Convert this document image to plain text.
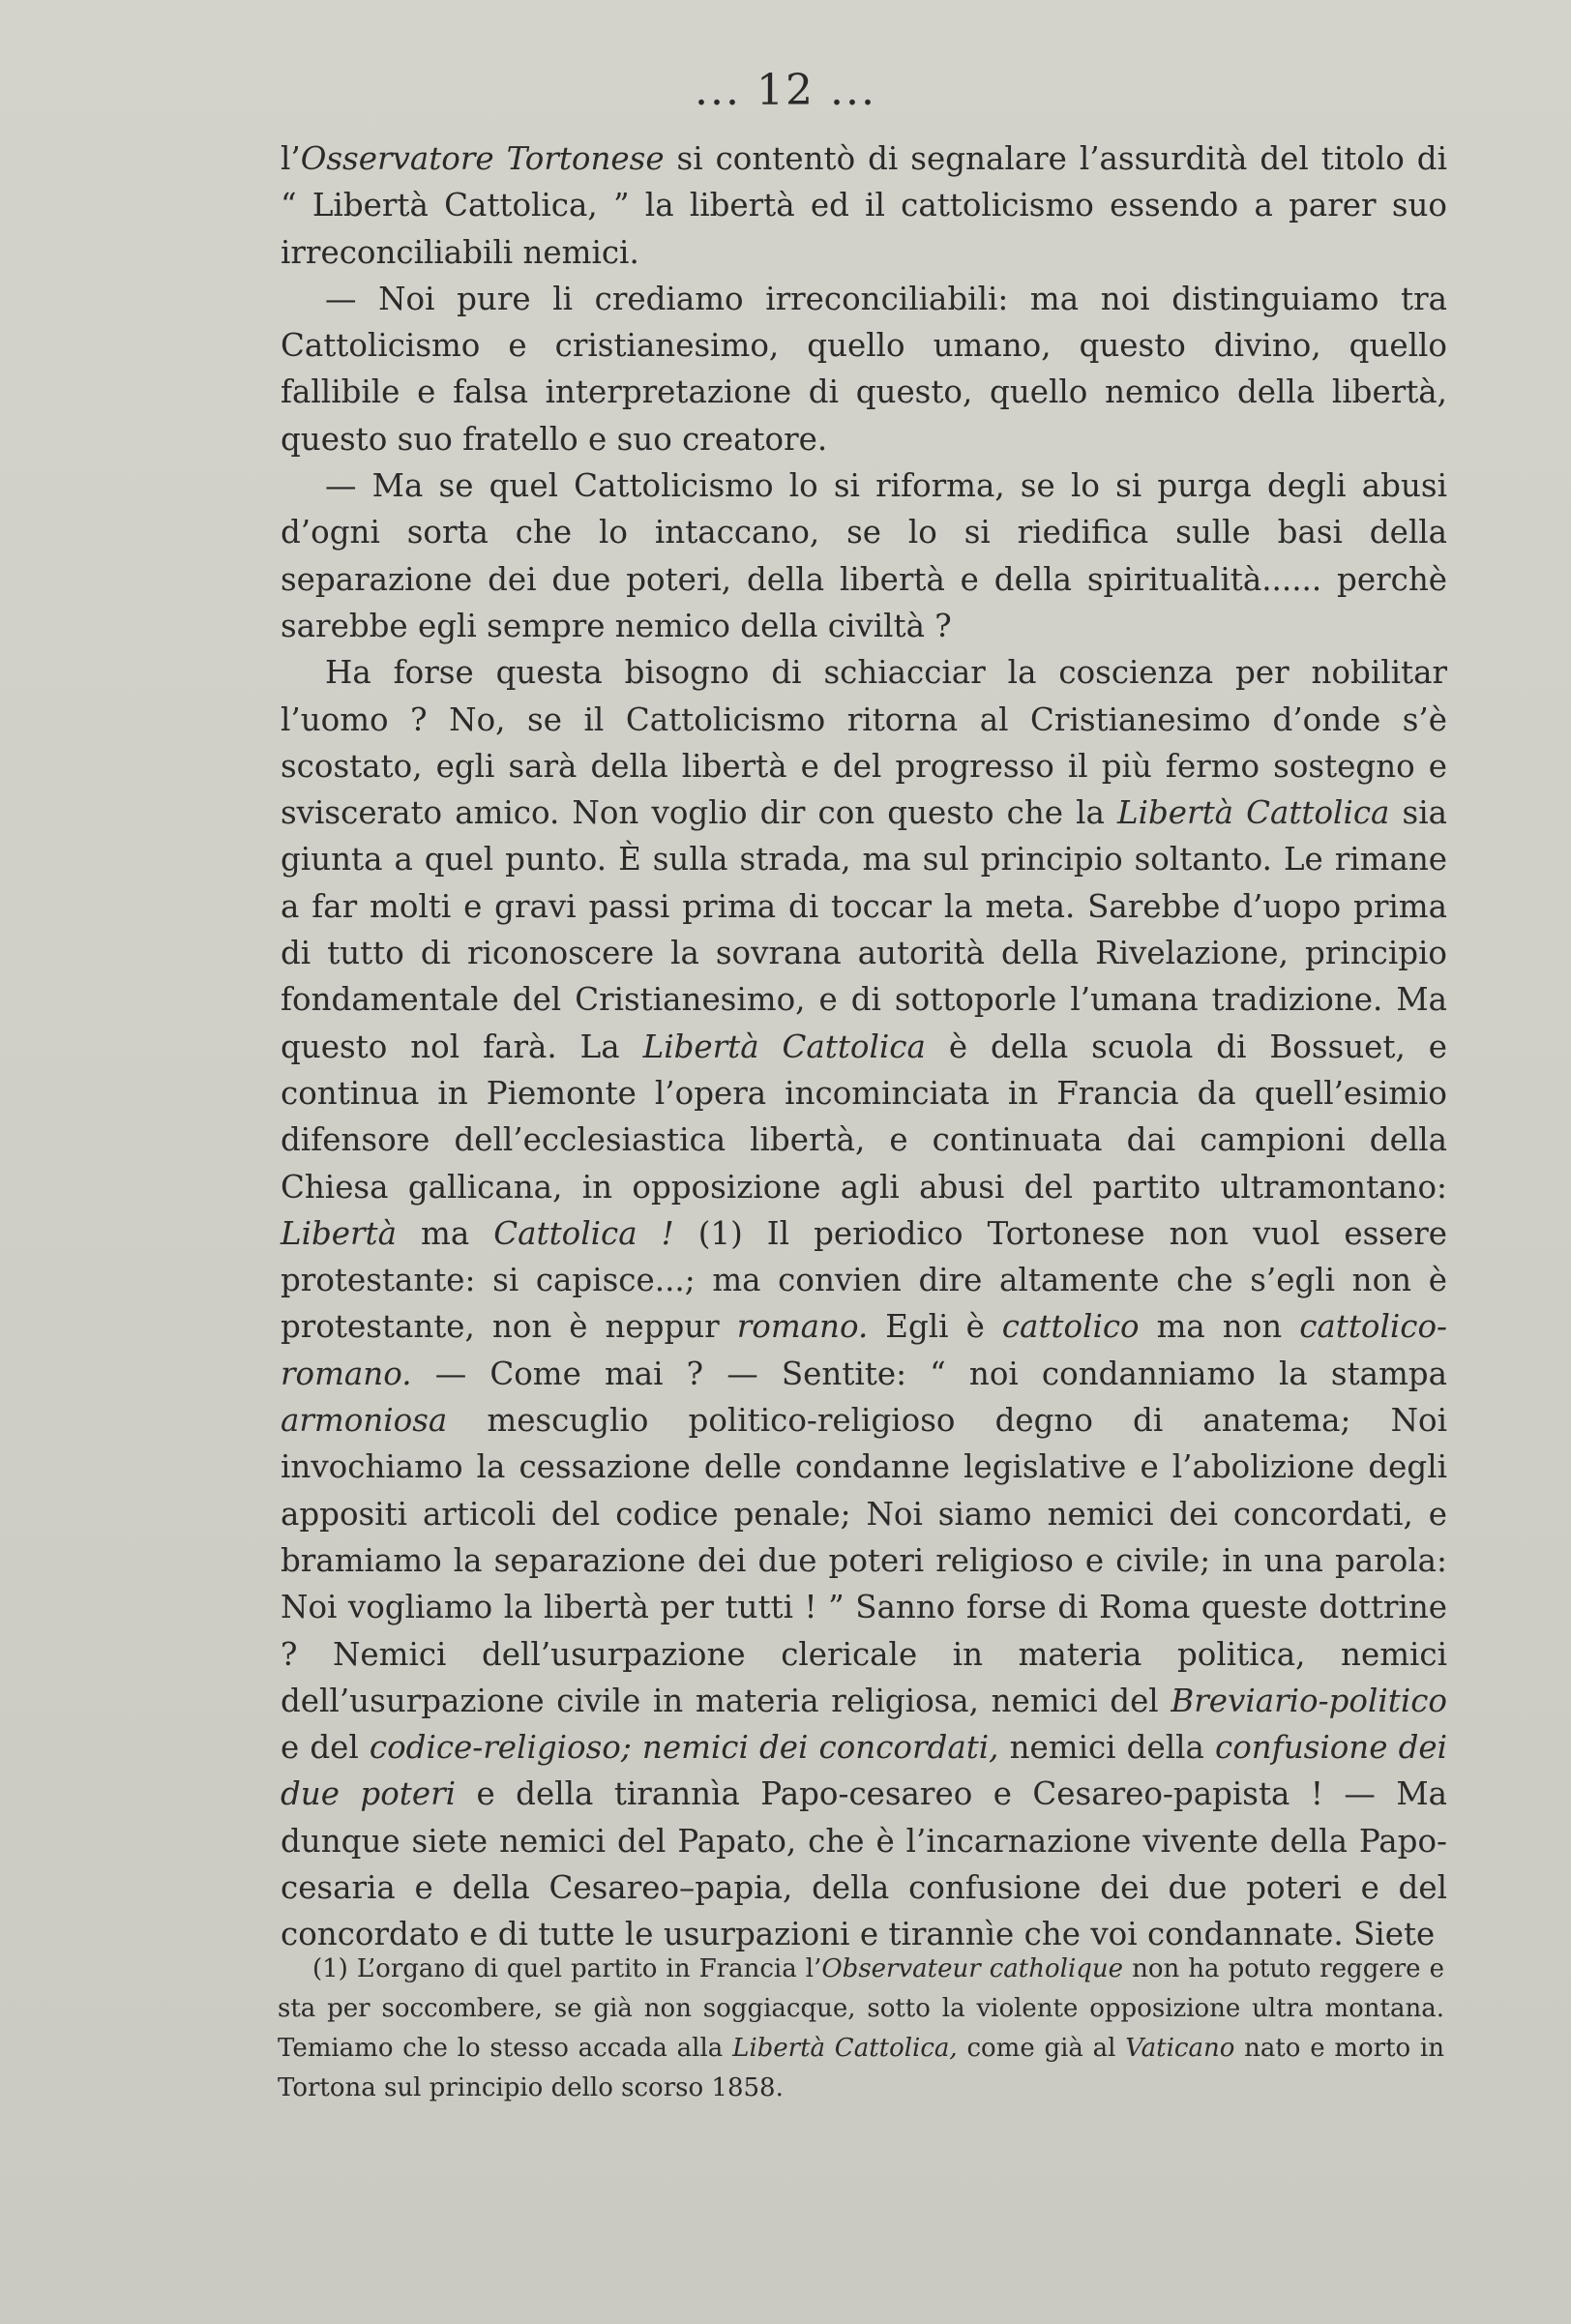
... 12 ...

l’Osservatore Tortonese si contentò di segnalare l’assurdità del titolo di “ Libertà Cattolica, ” la libertà ed il cattolicismo essendo a parer suo irreconciliabili nemici.

— Noi pure li crediamo irreconciliabili: ma noi distinguiamo tra Cattolicismo e cristianesimo, quello umano, questo divino, quello fallibile e falsa interpretazione di questo, quello nemico della libertà, questo suo fratello e suo creatore.

— Ma se quel Cattolicismo lo si riforma, se lo si purga degli abusi d’ogni sorta che lo intaccano, se lo si riedifica sulle basi della separazione dei due poteri, della libertà e della spiritualità...... perchè sarebbe egli sempre nemico della civiltà ?

Ha forse questa bisogno di schiacciar la coscienza per nobilitar l’uomo ? No, se il Cattolicismo ritorna al Cristianesimo d’onde s’è scostato, egli sarà della libertà e del progresso il più fermo sostegno e sviscerato amico. Non voglio dir con questo che la Libertà Cattolica sia giunta a quel punto. È sulla strada, ma sul principio soltanto. Le rimane a far molti e gravi passi prima di toccar la meta. Sarebbe d’uopo prima di tutto di riconoscere la sovrana autorità della Rivelazione, principio fondamentale del Cristianesimo, e di sottoporle l’umana tradizione. Ma questo nol farà. La Libertà Cattolica è della scuola di Bossuet, e continua in Piemonte l’opera incominciata in Francia da quell’esimio difensore dell’ecclesiastica libertà, e continuata dai campioni della Chiesa gallicana, in opposizione agli abusi del partito ultramontano: Libertà ma Cattolica ! (1) Il periodico Tortonese non vuol essere protestante: si capisce...; ma convien dire altamente che s’egli non è protestante, non è neppur romano. Egli è cattolico ma non cattolico-romano. — Come mai ? — Sentite: “ noi condanniamo la stampa armoniosa mescuglio politico-religioso degno di anatema; Noi invochiamo la cessazione delle condanne legislative e l’abolizione degli appositi articoli del codice penale; Noi siamo nemici dei concordati, e bramiamo la separazione dei due poteri religioso e civile; in una parola: Noi vogliamo la libertà per tutti ! ” Sanno forse di Roma queste dottrine ? Nemici dell’usurpazione clericale in materia politica, nemici dell’usurpazione civile in materia religiosa, nemici del Breviario-politico e del codice-religioso; nemici dei concordati, nemici della confusione dei due poteri e della tirannìa Papo-cesareo e Cesareo-papista ! — Ma dunque siete nemici del Papato, che è l’incarnazione vivente della Papo-cesaria e della Cesareo–papia, della confusione dei due poteri e del concordato e di tutte le usurpazioni e tirannìe che voi condannate. Siete

(1) L’organo di quel partito in Francia l’Observateur catholique non ha potuto reggere e sta per soccombere, se già non soggiacque, sotto la violente opposizione ultra montana. Temiamo che lo stesso accada alla Libertà Cattolica, come già al Vaticano nato e morto in Tortona sul principio dello scorso 1858.
